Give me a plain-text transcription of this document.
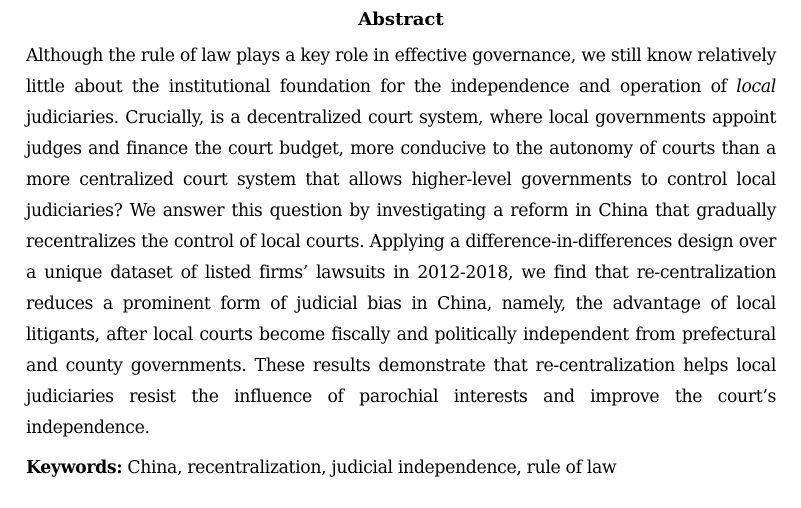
Abstract

Although the rule of law plays a key role in effective governance, we still know relatively little about the institutional foundation for the independence and operation of local judiciaries. Crucially, is a decentralized court system, where local governments appoint judges and finance the court budget, more conducive to the autonomy of courts than a more centralized court system that allows higher-level governments to control local judiciaries? We answer this question by investigating a reform in China that gradually recentralizes the control of local courts. Applying a difference-in-differences design over a unique dataset of listed firms’ lawsuits in 2012-2018, we find that re-centralization reduces a prominent form of judicial bias in China, namely, the advantage of local litigants, after local courts become fiscally and politically independent from prefectural and county governments. These results demonstrate that re-centralization helps local judiciaries resist the influence of parochial interests and improve the court’s independence.

Keywords: China, recentralization, judicial independence, rule of law
